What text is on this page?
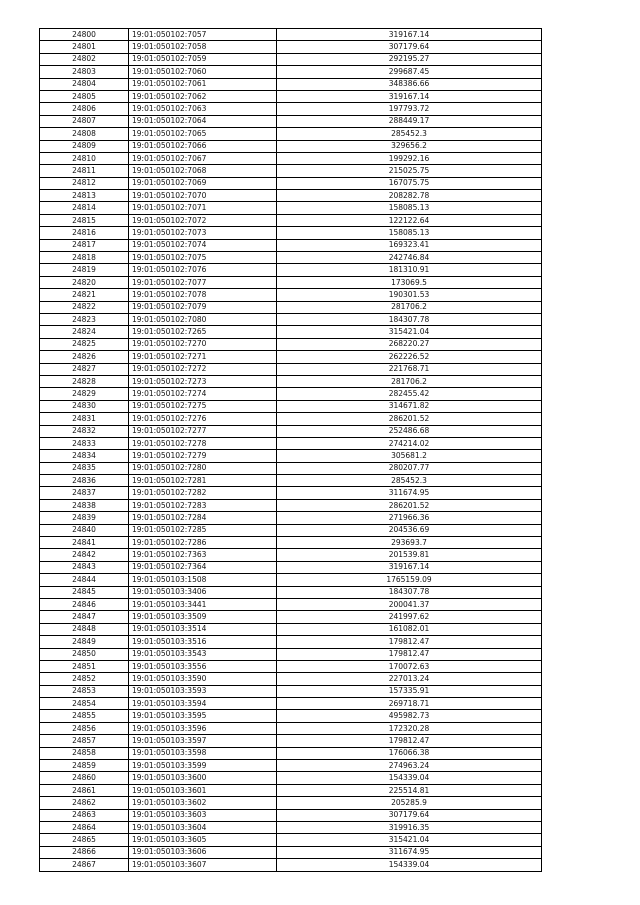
24800	19:01:050102:7057	319167.14
24801	19:01:050102:7058	307179.64
24802	19:01:050102:7059	292195.27
24803	19:01:050102:7060	299687.45
24804	19:01:050102:7061	348386.66
24805	19:01:050102:7062	319167.14
24806	19:01:050102:7063	197793.72
24807	19:01:050102:7064	288449.17
24808	19:01:050102:7065	285452.3
24809	19:01:050102:7066	329656.2
24810	19:01:050102:7067	199292.16
24811	19:01:050102:7068	215025.75
24812	19:01:050102:7069	167075.75
24813	19:01:050102:7070	208282.78
24814	19:01:050102:7071	158085.13
24815	19:01:050102:7072	122122.64
24816	19:01:050102:7073	158085.13
24817	19:01:050102:7074	169323.41
24818	19:01:050102:7075	242746.84
24819	19:01:050102:7076	181310.91
24820	19:01:050102:7077	173069.5
24821	19:01:050102:7078	190301.53
24822	19:01:050102:7079	281706.2
24823	19:01:050102:7080	184307.78
24824	19:01:050102:7265	315421.04
24825	19:01:050102:7270	268220.27
24826	19:01:050102:7271	262226.52
24827	19:01:050102:7272	221768.71
24828	19:01:050102:7273	281706.2
24829	19:01:050102:7274	282455.42
24830	19:01:050102:7275	314671.82
24831	19:01:050102:7276	286201.52
24832	19:01:050102:7277	252486.68
24833	19:01:050102:7278	274214.02
24834	19:01:050102:7279	305681.2
24835	19:01:050102:7280	280207.77
24836	19:01:050102:7281	285452.3
24837	19:01:050102:7282	311674.95
24838	19:01:050102:7283	286201.52
24839	19:01:050102:7284	271966.36
24840	19:01:050102:7285	204536.69
24841	19:01:050102:7286	293693.7
24842	19:01:050102:7363	201539.81
24843	19:01:050102:7364	319167.14
24844	19:01:050103:1508	1765159.09
24845	19:01:050103:3406	184307.78
24846	19:01:050103:3441	200041.37
24847	19:01:050103:3509	241997.62
24848	19:01:050103:3514	161082.01
24849	19:01:050103:3516	179812.47
24850	19:01:050103:3543	179812.47
24851	19:01:050103:3556	170072.63
24852	19:01:050103:3590	227013.24
24853	19:01:050103:3593	157335.91
24854	19:01:050103:3594	269718.71
24855	19:01:050103:3595	495982.73
24856	19:01:050103:3596	172320.28
24857	19:01:050103:3597	179812.47
24858	19:01:050103:3598	176066.38
24859	19:01:050103:3599	274963.24
24860	19:01:050103:3600	154339.04
24861	19:01:050103:3601	225514.81
24862	19:01:050103:3602	205285.9
24863	19:01:050103:3603	307179.64
24864	19:01:050103:3604	319916.35
24865	19:01:050103:3605	315421.04
24866	19:01:050103:3606	311674.95
24867	19:01:050103:3607	154339.04
